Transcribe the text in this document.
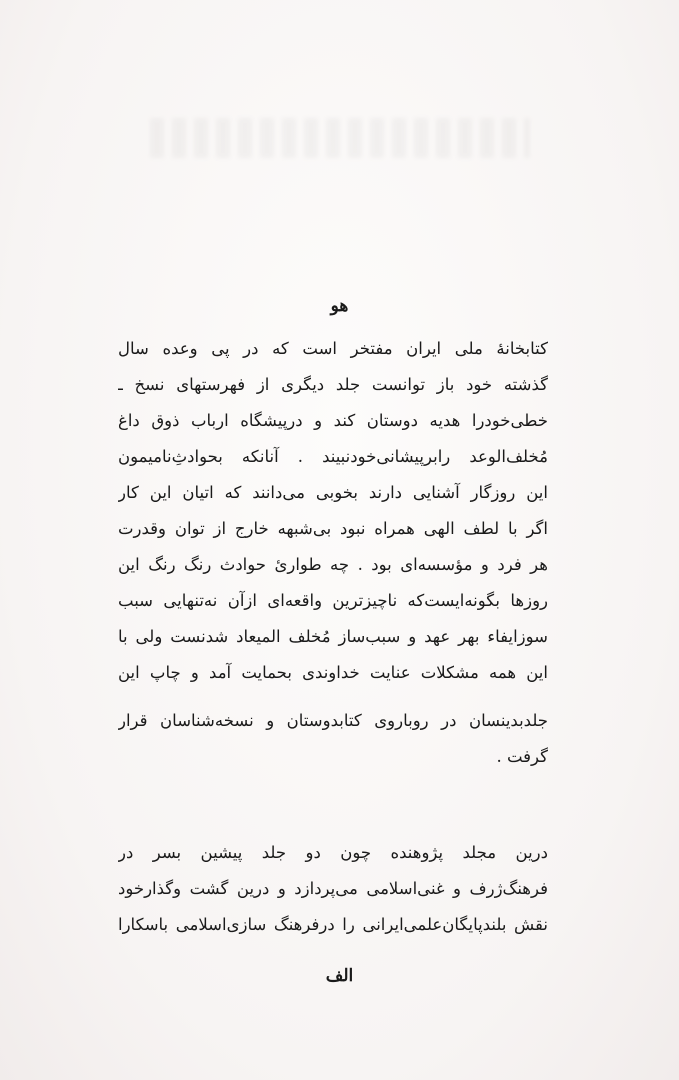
هو
کتابخانهٔ ملی ایران مفتخر است که در پی وعده سال
گذشته خود باز توانست جلد دیگری از فهرستهای نسخ ـ
خطی‌خودرا هدیه دوستان کند و درپیشگاه ارباب ذوق داغ
مُخلف‌الوعد رابرپیشانی‌خودنبیند . آنانکه بحوادث‌ِناميمون
این روزگار آشنایی دارند بخوبی می‌دانند که اتیان این کار
اگر با لطف الهی همراه نبود بی‌شبهه خارج از توان وقدرت
هر فرد و مؤسسه‌ای بود . چه طوارئ حوادث رنگ رنگ این
روزها بگونه‌ایست‌که ناچیزترین واقعه‌ای ازآن نه‌تنهایی سبب
سوزایفاء بهر عهد و سبب‌ساز مُخلف المیعاد شدنست ولی با
این همه مشکلات عنایت خداوندی بحمایت آمد و چاپ این
جلدبدینسان در روباروی کتابدوستان و نسخه‌شناسان قرار
گرفت .
درین مجلد پژوهنده چون دو جلد پیشین بسر در
فرهنگ‌ژرف و غنی‌اسلامی می‌پردازد و درین گشت وگذارخود
نقش بلندپایگان‌علمی‌ایرانی را درفرهنگ سازی‌اسلامی باسکارا
الف
